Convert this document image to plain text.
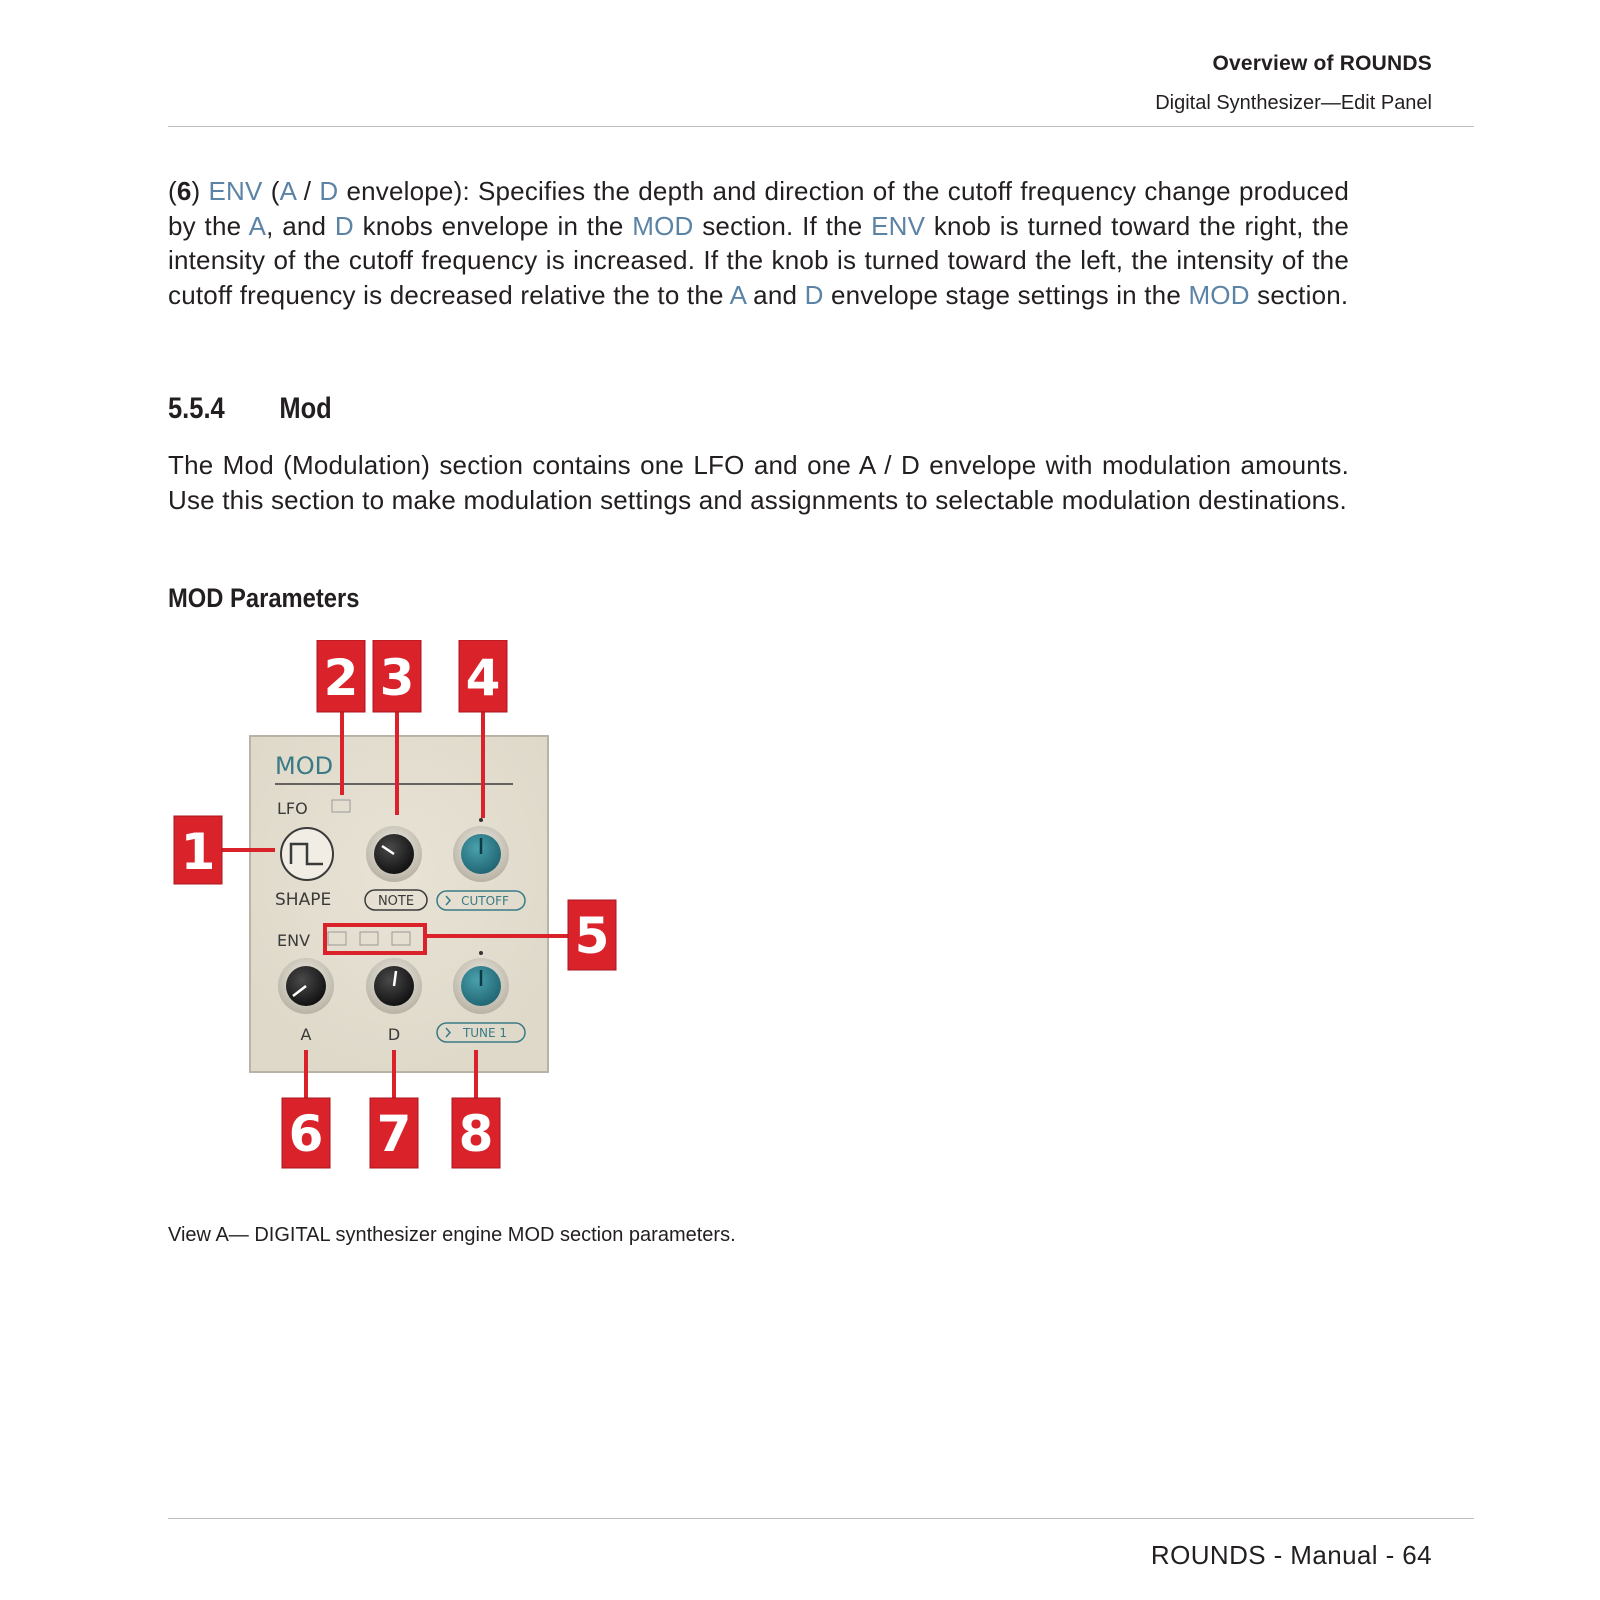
Overview of ROUNDS
Digital Synthesizer—Edit Panel
(6) ENV (A / D envelope): Specifies the depth and direction of the cutoff frequency change produced by the A, and D knobs envelope in the MOD section. If the ENV knob is turned toward the right, the intensity of the cutoff frequency is increased. If the knob is turned toward the left, the intensity of the cutoff frequency is decreased relative the to the A and D envelope stage settings in the MOD section.
5.5.4 Mod
The Mod (Modulation) section contains one LFO and one A / D envelope with modulation amounts. Use this section to make modulation settings and assignments to selectable modulation destinations.
MOD Parameters
MOD
LFO
SHAPE	NOTE	CUTOFF
ENV
A	D	TUNE 1
1
2 3 4
5
6 7 8
View A— DIGITAL synthesizer engine MOD section parameters.
ROUNDS - Manual - 64
